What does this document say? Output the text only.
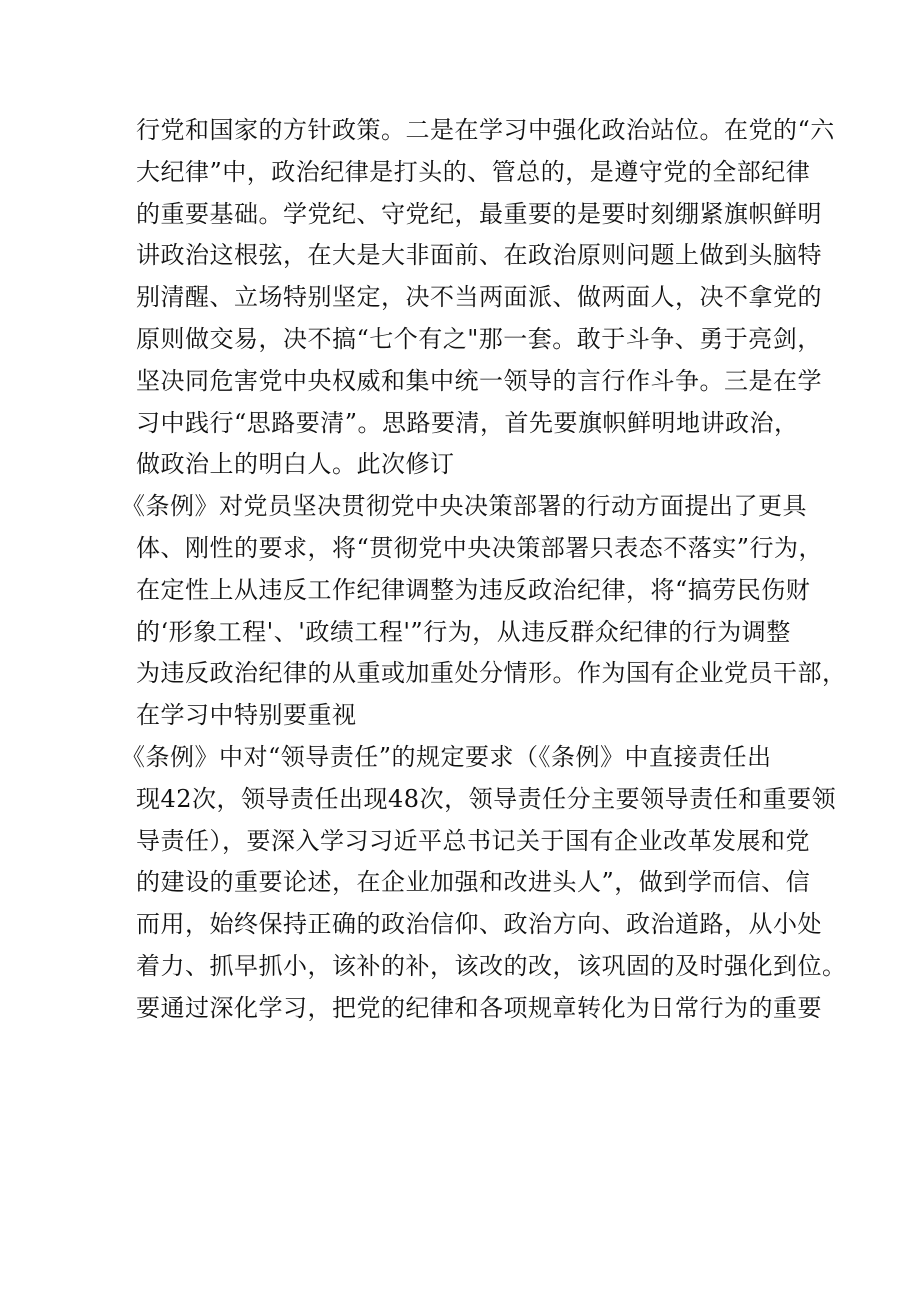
行党和国家的方针政策。二是在学习中强化政治站位。在党的“六
大纪律”中，政治纪律是打头的、管总的，是遵守党的全部纪律
的重要基础。学党纪、守党纪，最重要的是要时刻绷紧旗帜鲜明
讲政治这根弦，在大是大非面前、在政治原则问题上做到头脑特
别清醒、立场特别坚定，决不当两面派、做两面人，决不拿党的
原则做交易，决不搞“七个有之"那一套。敢于斗争、勇于亮剑，
坚决同危害党中央权威和集中统一领导的言行作斗争。三是在学
习中践行“思路要清”。思路要清，首先要旗帜鲜明地讲政治，
做政治上的明白人。此次修订
《条例》对党员坚决贯彻党中央决策部署的行动方面提出了更具
体、刚性的要求，将“贯彻党中央决策部署只表态不落实”行为，
在定性上从违反工作纪律调整为违反政治纪律，将“搞劳民伤财
的‘形象工程'、'政绩工程'”行为，从违反群众纪律的行为调整
为违反政治纪律的从重或加重处分情形。作为国有企业党员干部，
在学习中特别要重视
《条例》中对“领导责任”的规定要求（《条例》中直接责任出
现42次，领导责任出现48次，领导责任分主要领导责任和重要领
导责任），要深入学习习近平总书记关于国有企业改革发展和党
的建设的重要论述，在企业加强和改进头人”，做到学而信、信
而用，始终保持正确的政治信仰、政治方向、政治道路，从小处
着力、抓早抓小，该补的补，该改的改，该巩固的及时强化到位。
要通过深化学习，把党的纪律和各项规章转化为日常行为的重要
